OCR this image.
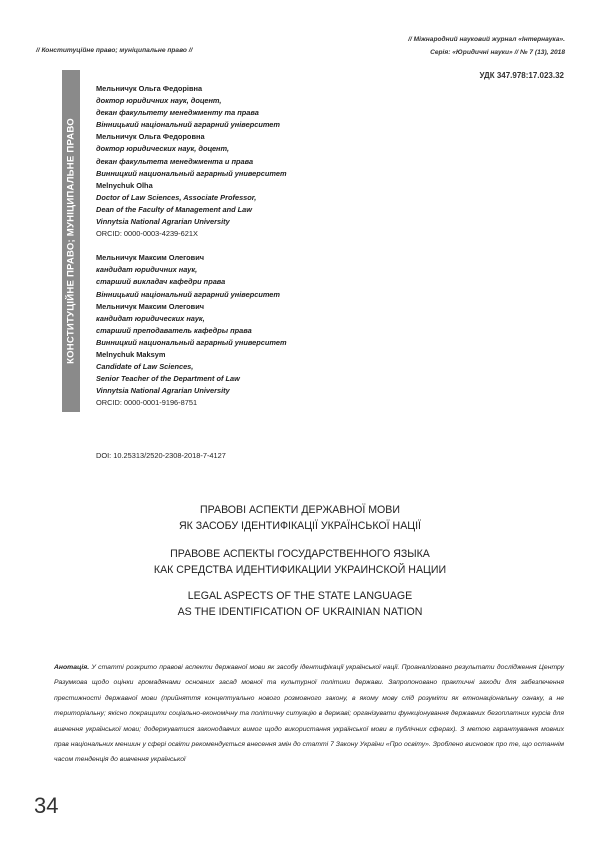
// Конституційне право; муніципальне право //
// Міжнародний науковий журнал «Інтернаука».
Серія: «Юридичні науки» // № 7 (13), 2018
КОНСТИТУЦІЙНЕ ПРАВО; МУНІЦИПАЛЬНЕ ПРАВО
УДК 347.978:17.023.32
Мельничук Ольга Федорівна
доктор юридичних наук, доцент,
декан факультету менеджменту та права
Вінницький національний аграрний університет
Мельничук Ольга Федоровна
доктор юридических наук, доцент,
декан факультета менеджмента и права
Винницкий национальный аграрный университет
Melnychuk Olha
Doctor of Law Sciences, Associate Professor,
Dean of the Faculty of Management and Law
Vinnytsia National Agrarian University
ORCID: 0000-0003-4239-621X
Мельничук Максим Олегович
кандидат юридичних наук,
старший викладач кафедри права
Вінницький національний аграрний університет
Мельничук Максим Олегович
кандидат юридических наук,
старший преподаватель кафедры права
Винницкий национальный аграрный университет
Melnychuk Maksym
Candidate of Law Sciences,
Senior Teacher of the Department of Law
Vinnytsia National Agrarian University
ORCID: 0000-0001-9196-8751
DOI: 10.25313/2520-2308-2018-7-4127
ПРАВОВІ АСПЕКТИ ДЕРЖАВНОЇ МОВИ
ЯК ЗАСОБУ ІДЕНТИФІКАЦІЇ УКРАЇНСЬКОЇ НАЦІЇ
ПРАВОВЕ АСПЕКТЫ ГОСУДАРСТВЕННОГО ЯЗЫКА
КАК СРЕДСТВА ИДЕНТИФИКАЦИИ УКРАИНСКОЙ НАЦИИ
LEGAL ASPECTS OF THE STATE LANGUAGE
AS THE IDENTIFICATION OF UKRAINIAN NATION
Анотація. У статті розкрито правові аспекти державної мови як засобу ідентифікації української нації. Проаналізовано результати дослідження Центру Разумкова щодо оцінки громадянами основних засад мовної та культурної політики держави. Запропоновано практичні заходи для забезпечення престижності державної мови (прийняття концептуально нового розмовного закону, в якому мову слід розуміти як етнонаціональну ознаку, а не територіальну; якісно покращити соціально-економічну та політичну ситуацію в державі; організувати функціонування державних безоплатних курсів для вивчення української мови; додержуватися законодавчих вимог щодо використання української мови в публічних сферах). З метою гарантування мовних прав національних меншин у сфері освіти рекомендується внесення змін до статті 7 Закону України «Про освіту». Зроблено висновок про те, що останнім часом тенденція до вивчення української
34
